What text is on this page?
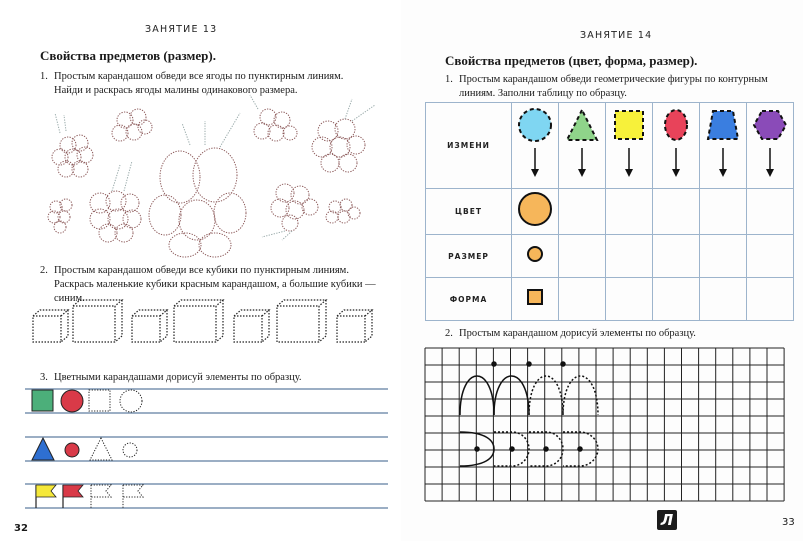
ЗАНЯТИЕ 13
Свойства предметов (размер).
1. Простым карандашом обведи все ягоды по пунктирным линиям.
Найди и раскрась ягоды малины одинакового размера.
2. Простым карандашом обведи все кубики по пунктирным линиям.
Раскрась маленькие кубики красным карандашом, а большие кубики — синим.
3. Цветными карандашами дорисуй элементы по образцу.
32
ЗАНЯТИЕ 14
Свойства предметов (цвет, форма, размер).
1. Простым карандашом обведи геометрические фигуры по контурным
линиям. Заполни таблицу по образцу.
2. Простым карандашом дорисуй элементы по образцу.
33
ИЗМЕНИ						
ЦВЕТ						
РАЗМЕР						
ФОРМА						
Л
